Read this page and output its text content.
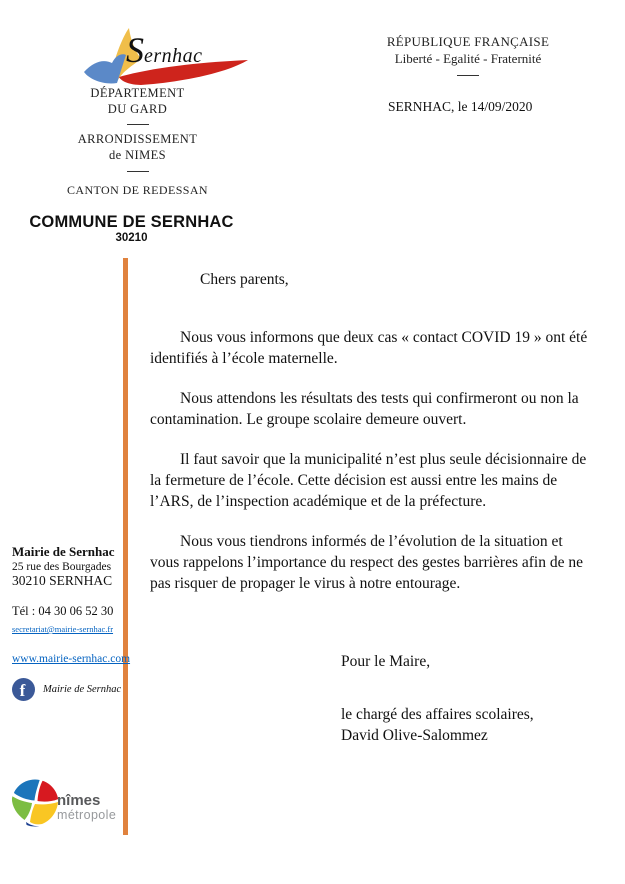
Sernhac
DÉPARTEMENT
DU GARD
ARRONDISSEMENT
de NIMES
CANTON DE REDESSAN
COMMUNE DE SERNHAC
30210
RÉPUBLIQUE FRANÇAISE
Liberté - Egalité - Fraternité
SERNHAC, le 14/09/2020
Chers parents,

Nous vous informons que deux cas « contact COVID 19 » ont été identifiés à l’école maternelle.

Nous attendons les résultats des tests qui confirmeront ou non la contamination. Le groupe scolaire demeure ouvert.

Il faut savoir que la municipalité n’est plus seule décisionnaire de la fermeture de l’école. Cette décision est aussi entre les mains de l’ARS, de l’inspection académique et de la préfecture.

Nous vous tiendrons informés de l’évolution de la situation et vous rappelons l’importance du respect des gestes barrières afin de ne pas risquer de propager le virus à notre entourage.

Pour le Maire,
le chargé des affaires scolaires,
David Olive-Salommez
Mairie de Sernhac
25 rue des Bourgades
30210 SERNHAC
Tél : 04 30 06 52 30
secretariat@mairie-sernhac.fr
www.mairie-sernhac.com
f Mairie de Sernhac
nîmes
métropole
